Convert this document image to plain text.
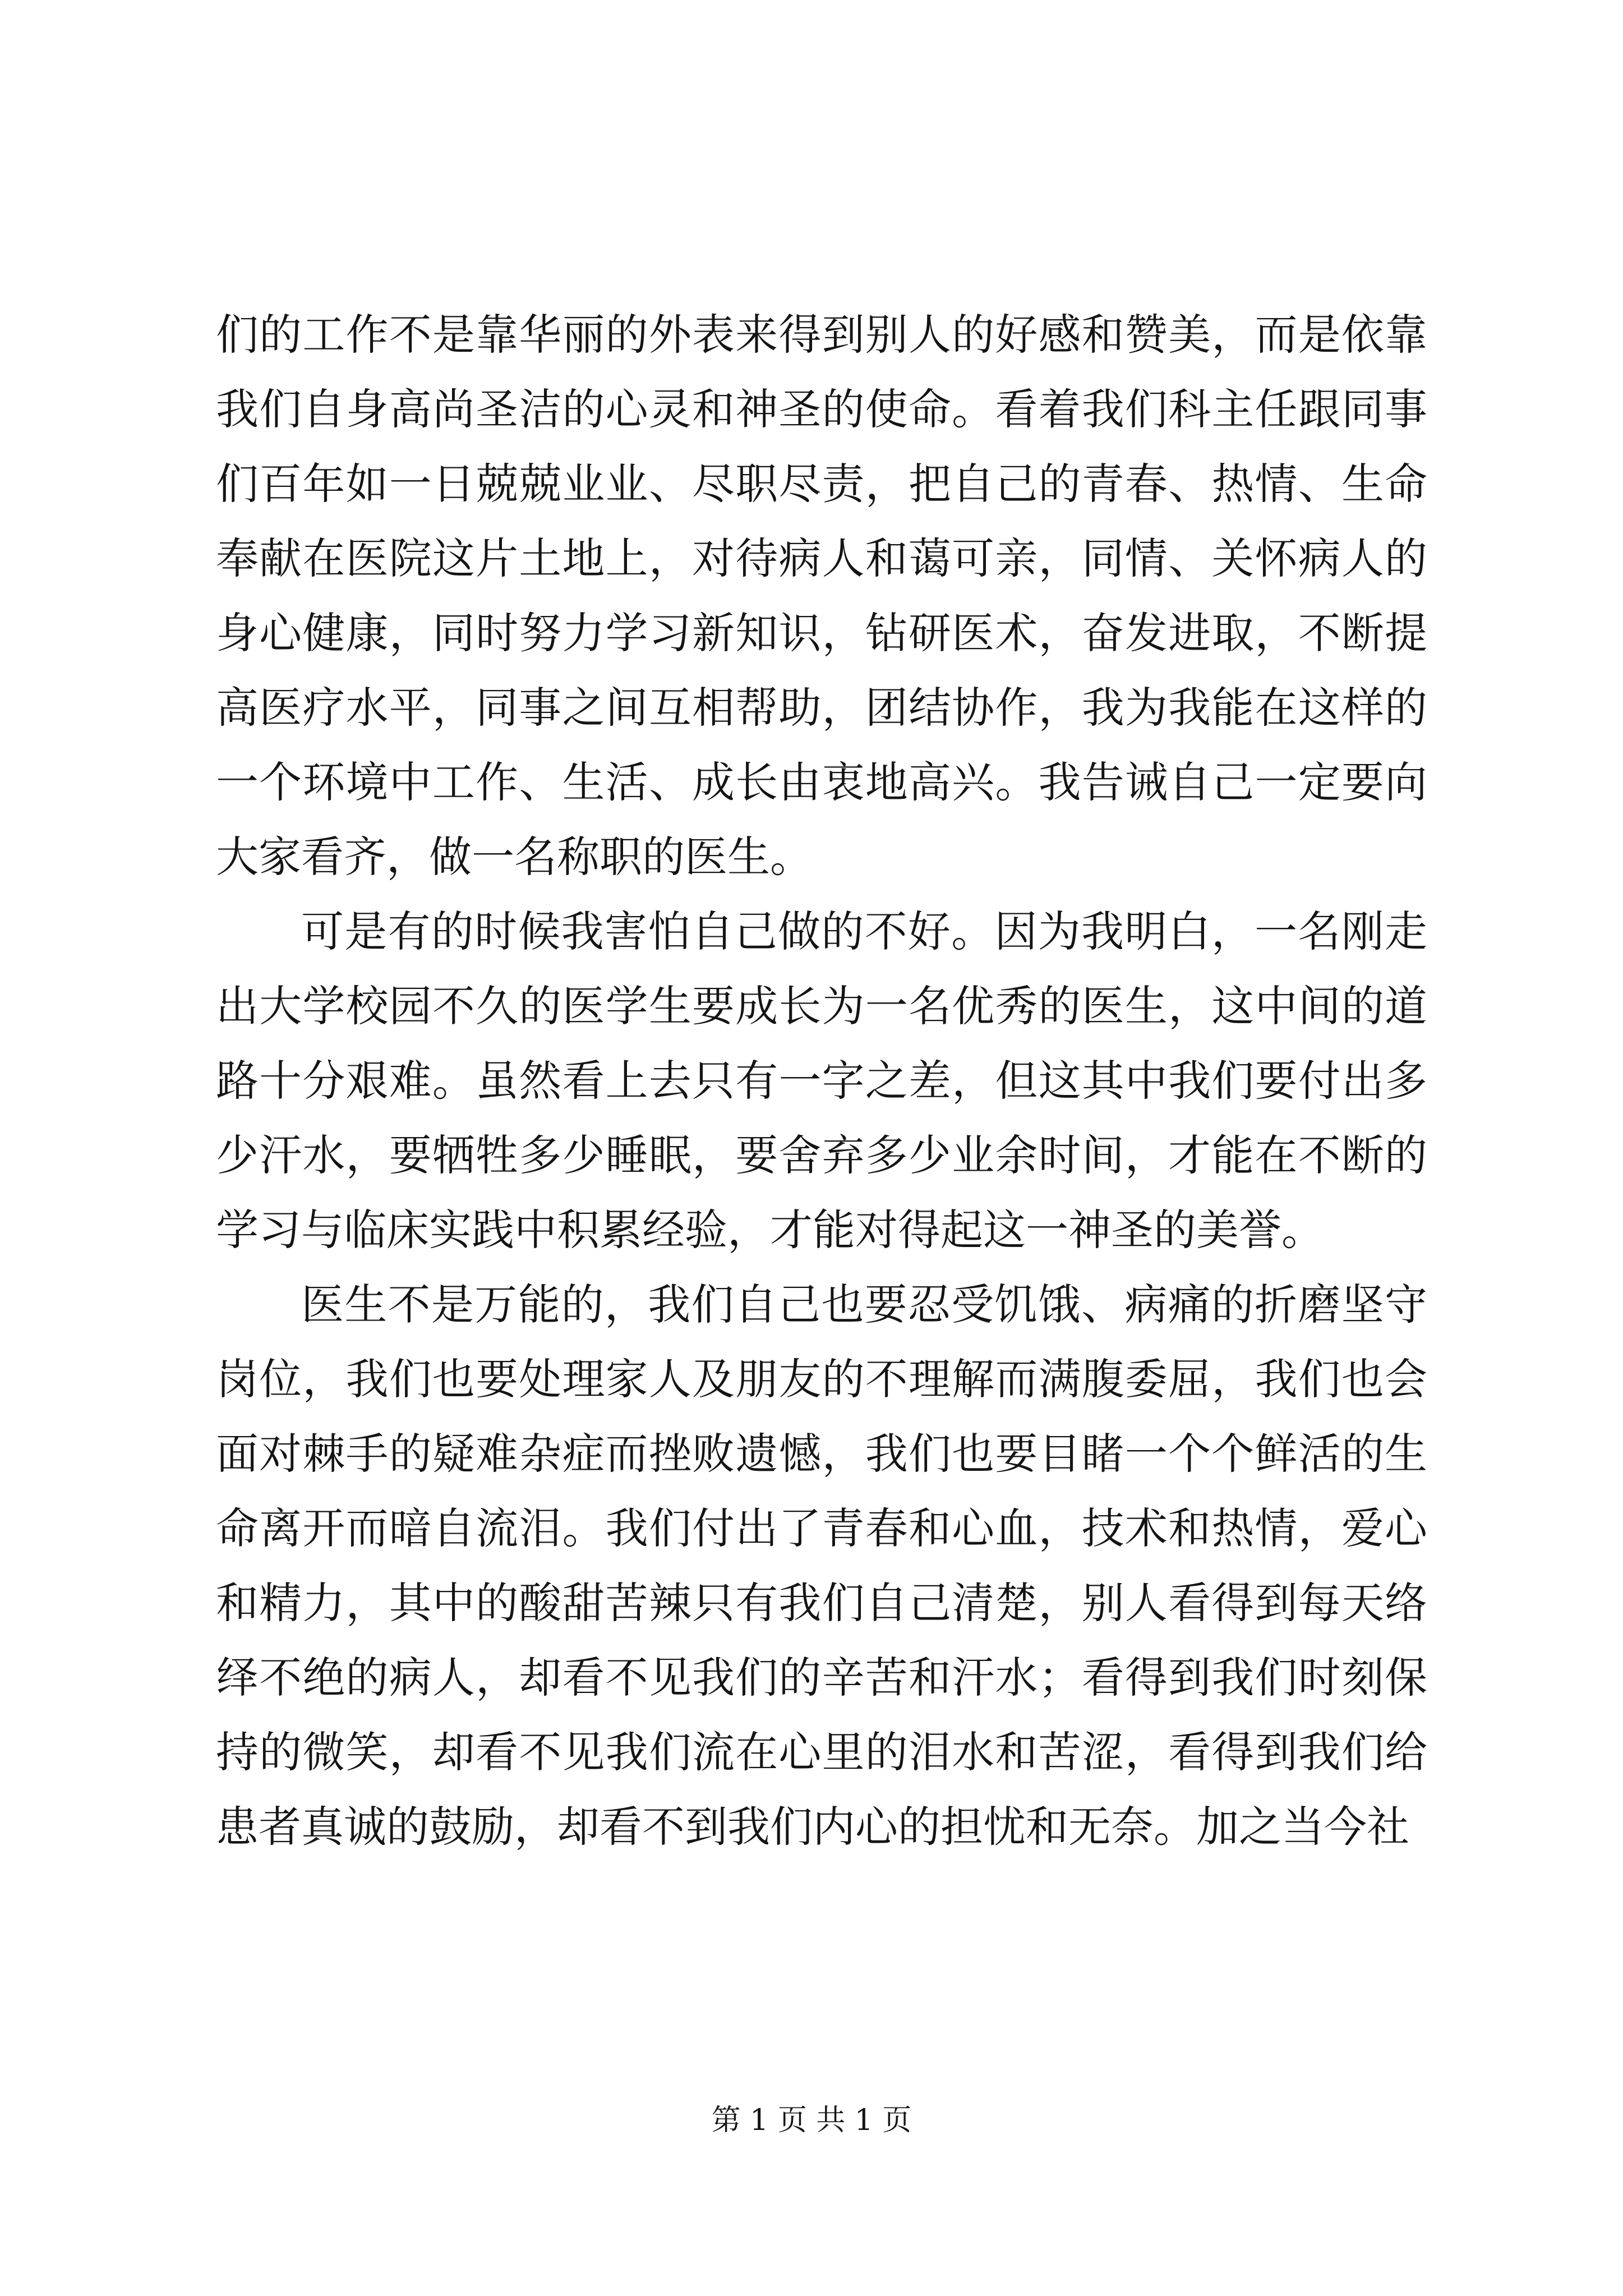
们的工作不是靠华丽的外表来得到别人的好感和赞美，而是依靠我们自身高尚圣洁的心灵和神圣的使命。看着我们科主任跟同事们百年如一日兢兢业业、尽职尽责，把自己的青春、热情、生命奉献在医院这片土地上，对待病人和蔼可亲，同情、关怀病人的身心健康，同时努力学习新知识，钻研医术，奋发进取，不断提高医疗水平，同事之间互相帮助，团结协作，我为我能在这样的一个环境中工作、生活、成长由衷地高兴。我告诫自己一定要向大家看齐，做一名称职的医生。

可是有的时候我害怕自己做的不好。因为我明白，一名刚走出大学校园不久的医学生要成长为一名优秀的医生，这中间的道路十分艰难。虽然看上去只有一字之差，但这其中我们要付出多少汗水，要牺牲多少睡眠，要舍弃多少业余时间，才能在不断的学习与临床实践中积累经验，才能对得起这一神圣的美誉。

医生不是万能的，我们自己也要忍受饥饿、病痛的折磨坚守岗位，我们也要处理家人及朋友的不理解而满腹委屈，我们也会面对棘手的疑难杂症而挫败遗憾，我们也要目睹一个个鲜活的生命离开而暗自流泪。我们付出了青春和心血，技术和热情，爱心和精力，其中的酸甜苦辣只有我们自己清楚，别人看得到每天络绎不绝的病人，却看不见我们的辛苦和汗水；看得到我们时刻保持的微笑，却看不见我们流在心里的泪水和苦涩，看得到我们给患者真诚的鼓励，却看不到我们内心的担忧和无奈。加之当今社

第 1 页 共 1 页
